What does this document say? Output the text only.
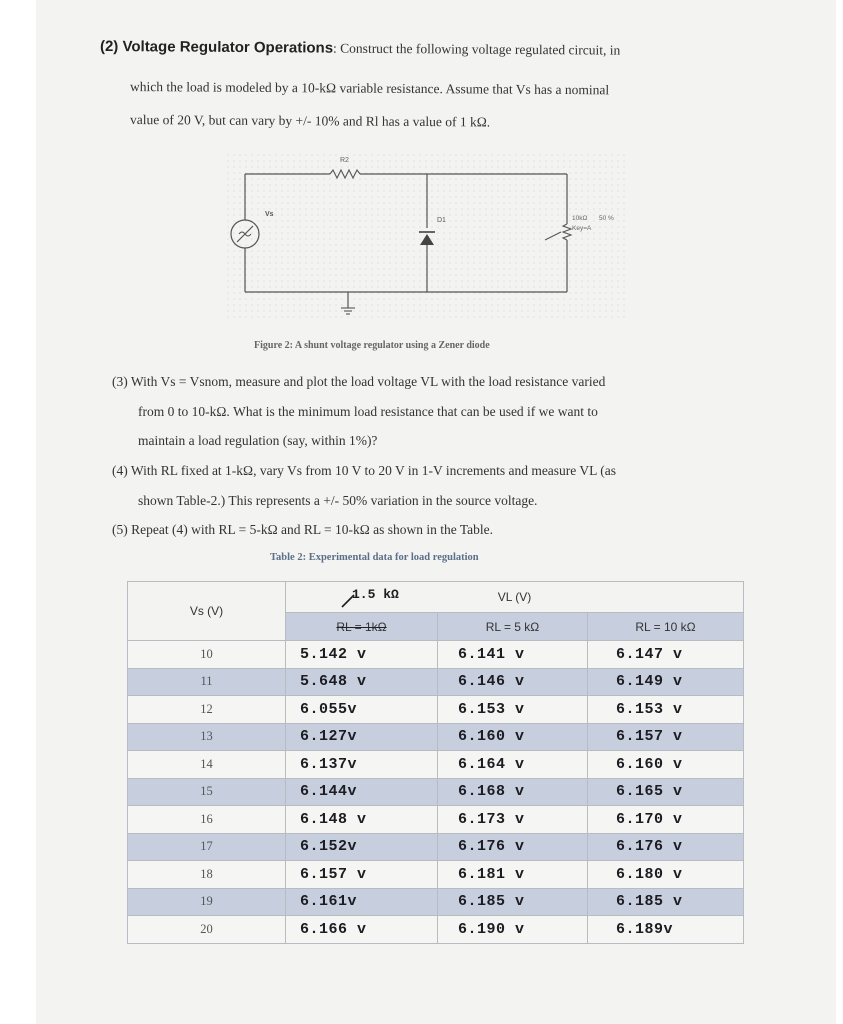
(2) Voltage Regulator Operations: Construct the following voltage regulated circuit, in
which the load is modeled by a 10-kΩ variable resistance. Assume that Vs has a nominal
value of 20 V, but can vary by +/- 10% and Rl has a value of 1 kΩ.
R2
Vs
D1	10kΩ 50 %
Key=A
Figure 2: A shunt voltage regulator using a Zener diode
(3) With Vs = Vsnom, measure and plot the load voltage VL with the load resistance varied
from 0 to 10-kΩ. What is the minimum load resistance that can be used if we want to
maintain a load regulation (say, within 1%)?
(4) With RL fixed at 1-kΩ, vary Vs from 10 V to 20 V in 1-V increments and measure VL (as
shown Table-2.) This represents a +/- 50% variation in the source voltage.
(5) Repeat (4) with RL = 5-kΩ and RL = 10-kΩ as shown in the Table.
Table 2: Experimental data for load regulation
Vs (V)	VL (V)		
	RL = 1kΩ	RL = 5 kΩ	RL = 10 kΩ
10	5.142 v	6.141 v	6.147 v

11	5.648 v	6.146 v	6.149 v

12	6.055v	6.153 v	6.153 v

13	6.127v	6.160 v	6.157 v

14	6.137v	6.164 v	6.160 v

15	6.144v	6.168 v	6.165 v

16	6.148 v	6.173 v	6.170 v

17	6.152v	6.176 v	6.176 v

18	6.157 v	6.181 v	6.180 v

19	6.161v	6.185 v	6.185 v

20	6.166 v	6.190 v	6.189v
1.5 kΩ
